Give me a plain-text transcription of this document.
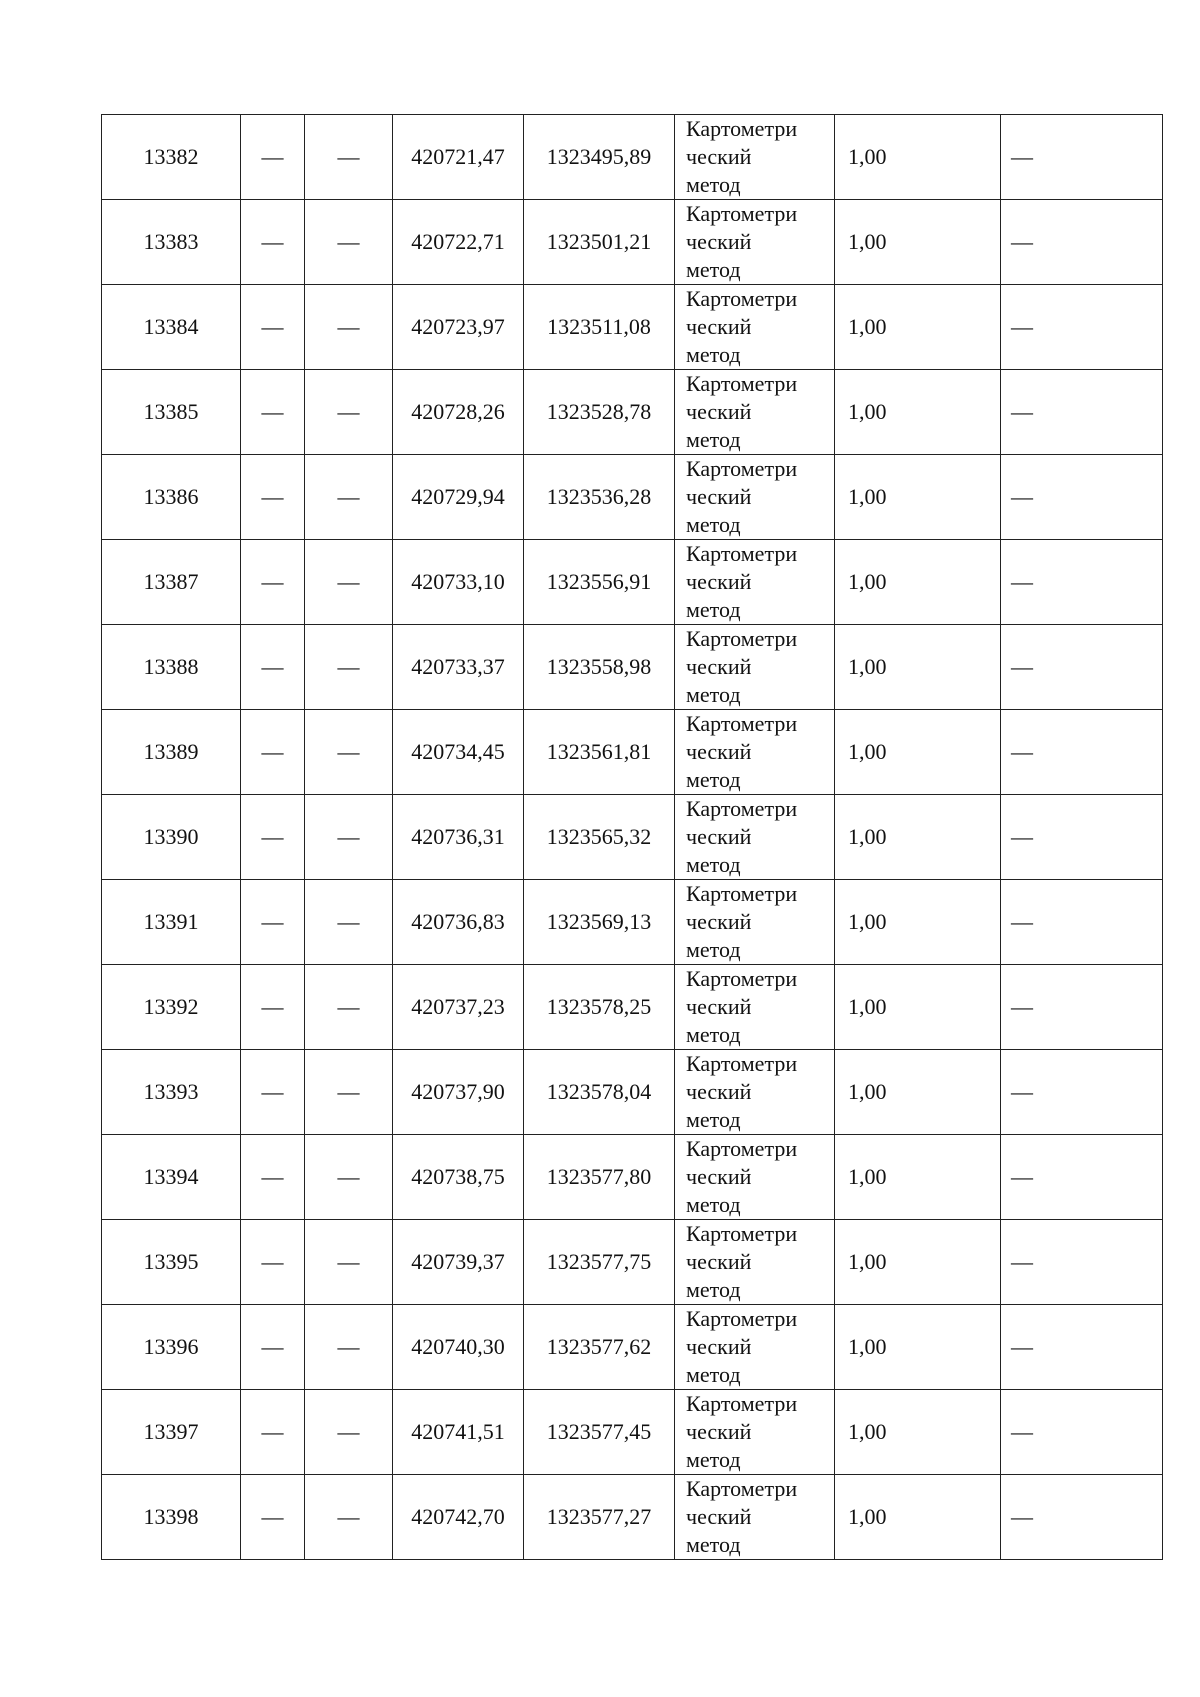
13382	—	—	420721,47	1323495,89	Картометри
ческий
метод	1,00	—
13383	—	—	420722,71	1323501,21	Картометри
ческий
метод	1,00	—
13384	—	—	420723,97	1323511,08	Картометри
ческий
метод	1,00	—
13385	—	—	420728,26	1323528,78	Картометри
ческий
метод	1,00	—
13386	—	—	420729,94	1323536,28	Картометри
ческий
метод	1,00	—
13387	—	—	420733,10	1323556,91	Картометри
ческий
метод	1,00	—
13388	—	—	420733,37	1323558,98	Картометри
ческий
метод	1,00	—
13389	—	—	420734,45	1323561,81	Картометри
ческий
метод	1,00	—
13390	—	—	420736,31	1323565,32	Картометри
ческий
метод	1,00	—
13391	—	—	420736,83	1323569,13	Картометри
ческий
метод	1,00	—
13392	—	—	420737,23	1323578,25	Картометри
ческий
метод	1,00	—
13393	—	—	420737,90	1323578,04	Картометри
ческий
метод	1,00	—
13394	—	—	420738,75	1323577,80	Картометри
ческий
метод	1,00	—
13395	—	—	420739,37	1323577,75	Картометри
ческий
метод	1,00	—
13396	—	—	420740,30	1323577,62	Картометри
ческий
метод	1,00	—
13397	—	—	420741,51	1323577,45	Картометри
ческий
метод	1,00	—
13398	—	—	420742,70	1323577,27	Картометри
ческий
метод	1,00	—
